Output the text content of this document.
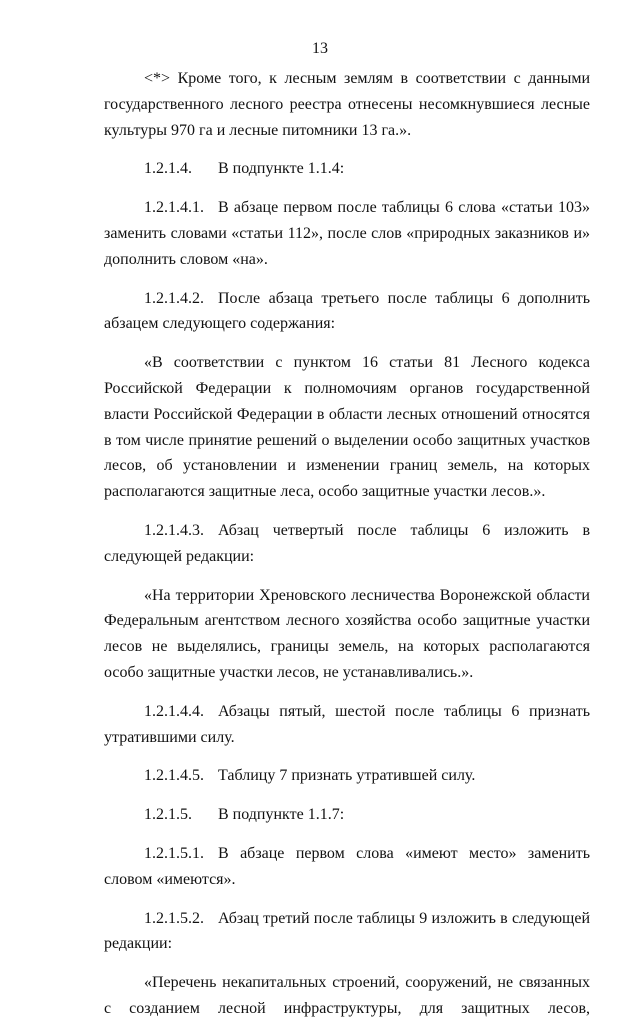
13

<*> Кроме того, к лесным землям в соответствии с данными государственного лесного реестра отнесены несомкнувшиеся лесные культуры 970 га и лесные питомники 13 га.».

1.2.1.4. В подпункте 1.1.4:

1.2.1.4.1. В абзаце первом после таблицы 6 слова «статьи 103» заменить словами «статьи 112», после слов «природных заказников и» дополнить словом «на».

1.2.1.4.2. После абзаца третьего после таблицы 6 дополнить абзацем следующего содержания:

«В соответствии с пунктом 16 статьи 81 Лесного кодекса Российской Федерации к полномочиям органов государственной власти Российской Федерации в области лесных отношений относятся в том числе принятие решений о выделении особо защитных участков лесов, об установлении и изменении границ земель, на которых располагаются защитные леса, особо защитные участки лесов.».

1.2.1.4.3. Абзац четвертый после таблицы 6 изложить в следующей редакции:

«На территории Хреновского лесничества Воронежской области Федеральным агентством лесного хозяйства особо защитные участки лесов не выделялись, границы земель, на которых располагаются особо защитные участки лесов, не устанавливались.».

1.2.1.4.4. Абзацы пятый, шестой после таблицы 6 признать утратившими силу.

1.2.1.4.5. Таблицу 7 признать утратившей силу.

1.2.1.5. В подпункте 1.1.7:

1.2.1.5.1. В абзаце первом слова «имеют место» заменить словом «имеются».

1.2.1.5.2. Абзац третий после таблицы 9 изложить в следующей редакции:

«Перечень некапитальных строений, сооружений, не связанных с созданием лесной инфраструктуры, для защитных лесов,
